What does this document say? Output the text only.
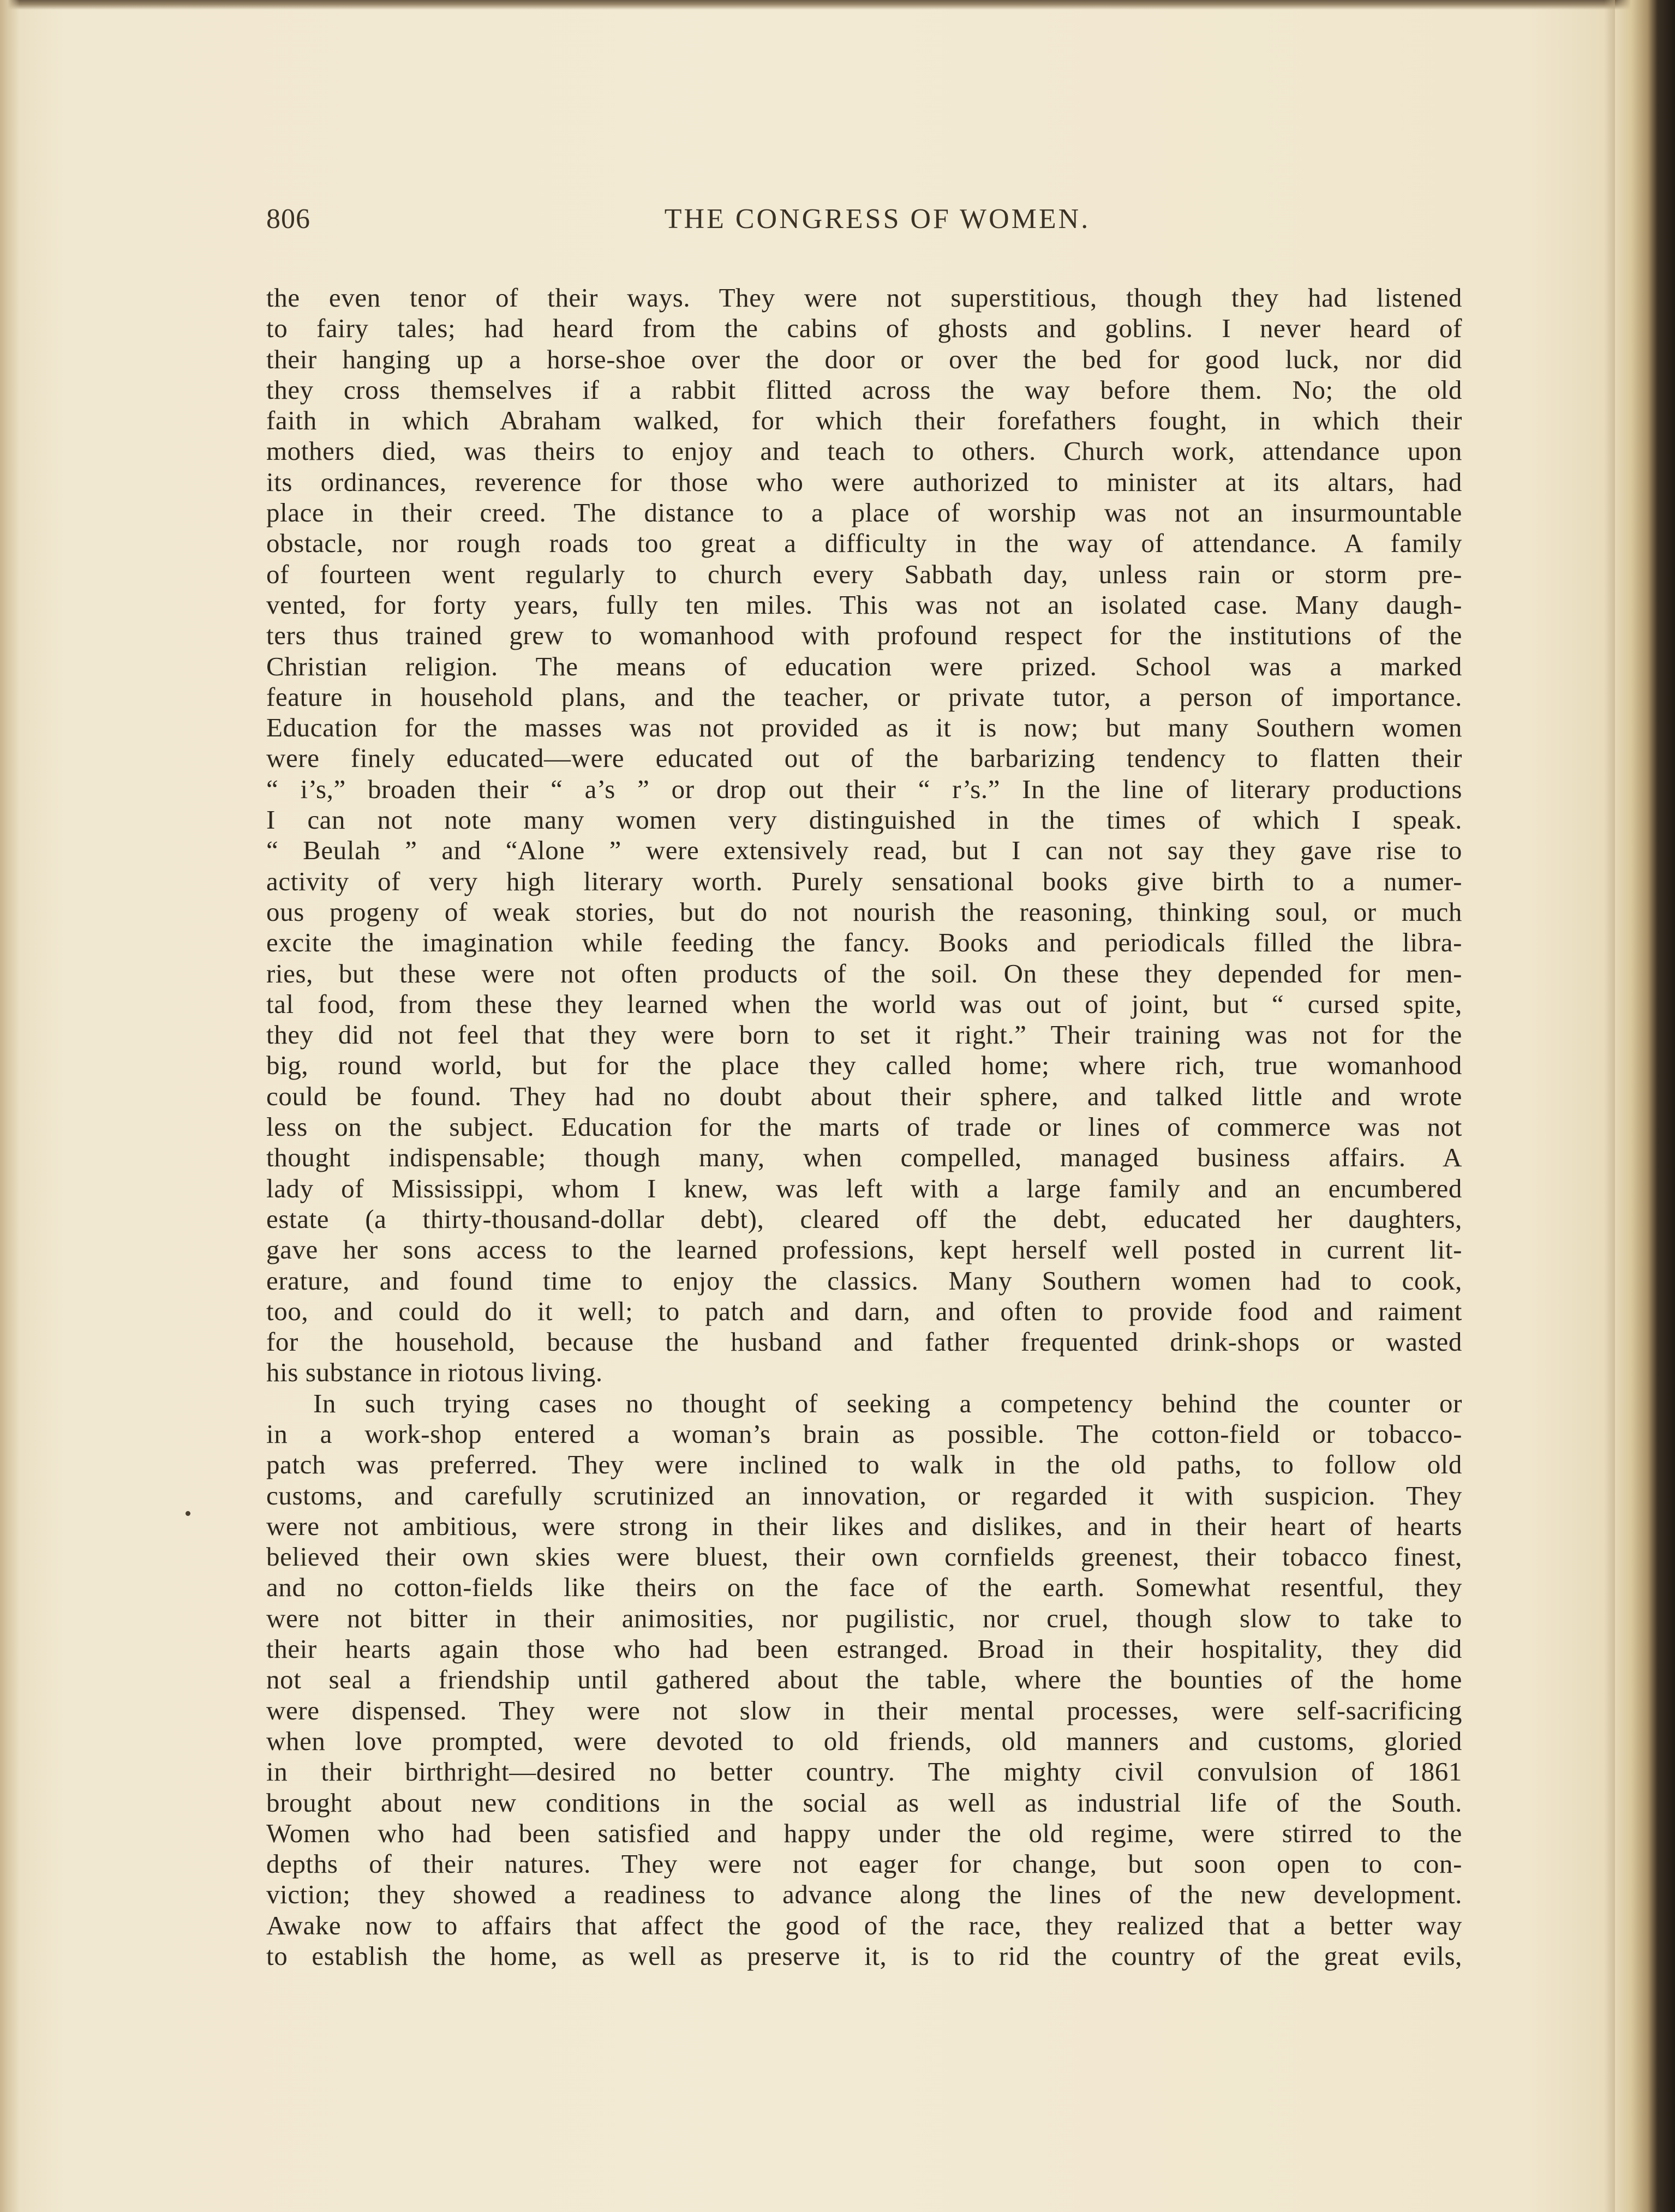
806	THE CONGRESS OF WOMEN.
the even tenor of their ways. They were not superstitious, though they had listened
to fairy tales; had heard from the cabins of ghosts and goblins. I never heard of
their hanging up a horse-shoe over the door or over the bed for good luck, nor did
they cross themselves if a rabbit flitted across the way before them. No; the old
faith in which Abraham walked, for which their forefathers fought, in which their
mothers died, was theirs to enjoy and teach to others. Church work, attendance upon
its ordinances, reverence for those who were authorized to minister at its altars, had
place in their creed. The distance to a place of worship was not an insurmountable
obstacle, nor rough roads too great a difficulty in the way of attendance. A family
of fourteen went regularly to church every Sabbath day, unless rain or storm pre-
vented, for forty years, fully ten miles. This was not an isolated case. Many daugh-
ters thus trained grew to womanhood with profound respect for the institutions of the
Christian religion. The means of education were prized. School was a marked
feature in household plans, and the teacher, or private tutor, a person of importance.
Education for the masses was not provided as it is now; but many Southern women
were finely educated—were educated out of the barbarizing tendency to flatten their
“ i’s,” broaden their “ a’s ” or drop out their “ r’s.” In the line of literary productions
I can not note many women very distinguished in the times of which I speak.
“ Beulah ” and “Alone ” were extensively read, but I can not say they gave rise to
activity of very high literary worth. Purely sensational books give birth to a numer-
ous progeny of weak stories, but do not nourish the reasoning, thinking soul, or much
excite the imagination while feeding the fancy. Books and periodicals filled the libra-
ries, but these were not often products of the soil. On these they depended for men-
tal food, from these they learned when the world was out of joint, but “ cursed spite,
they did not feel that they were born to set it right.” Their training was not for the
big, round world, but for the place they called home; where rich, true womanhood
could be found. They had no doubt about their sphere, and talked little and wrote
less on the subject. Education for the marts of trade or lines of commerce was not
thought indispensable; though many, when compelled, managed business affairs. A
lady of Mississippi, whom I knew, was left with a large family and an encumbered
estate (a thirty-thousand-dollar debt), cleared off the debt, educated her daughters,
gave her sons access to the learned professions, kept herself well posted in current lit-
erature, and found time to enjoy the classics. Many Southern women had to cook,
too, and could do it well; to patch and darn, and often to provide food and raiment
for the household, because the husband and father frequented drink-shops or wasted
his substance in riotous living.
In such trying cases no thought of seeking a competency behind the counter or
in a work-shop entered a woman’s brain as possible. The cotton-field or tobacco-
patch was preferred. They were inclined to walk in the old paths, to follow old
customs, and carefully scrutinized an innovation, or regarded it with suspicion. They
were not ambitious, were strong in their likes and dislikes, and in their heart of hearts
believed their own skies were bluest, their own cornfields greenest, their tobacco finest,
and no cotton-fields like theirs on the face of the earth. Somewhat resentful, they
were not bitter in their animosities, nor pugilistic, nor cruel, though slow to take to
their hearts again those who had been estranged. Broad in their hospitality, they did
not seal a friendship until gathered about the table, where the bounties of the home
were dispensed. They were not slow in their mental processes, were self-sacrificing
when love prompted, were devoted to old friends, old manners and customs, gloried
in their birthright—desired no better country. The mighty civil convulsion of 1861
brought about new conditions in the social as well as industrial life of the South.
Women who had been satisfied and happy under the old regime, were stirred to the
depths of their natures. They were not eager for change, but soon open to con-
viction; they showed a readiness to advance along the lines of the new development.
Awake now to affairs that affect the good of the race, they realized that a better way
to establish the home, as well as preserve it, is to rid the country of the great evils,
